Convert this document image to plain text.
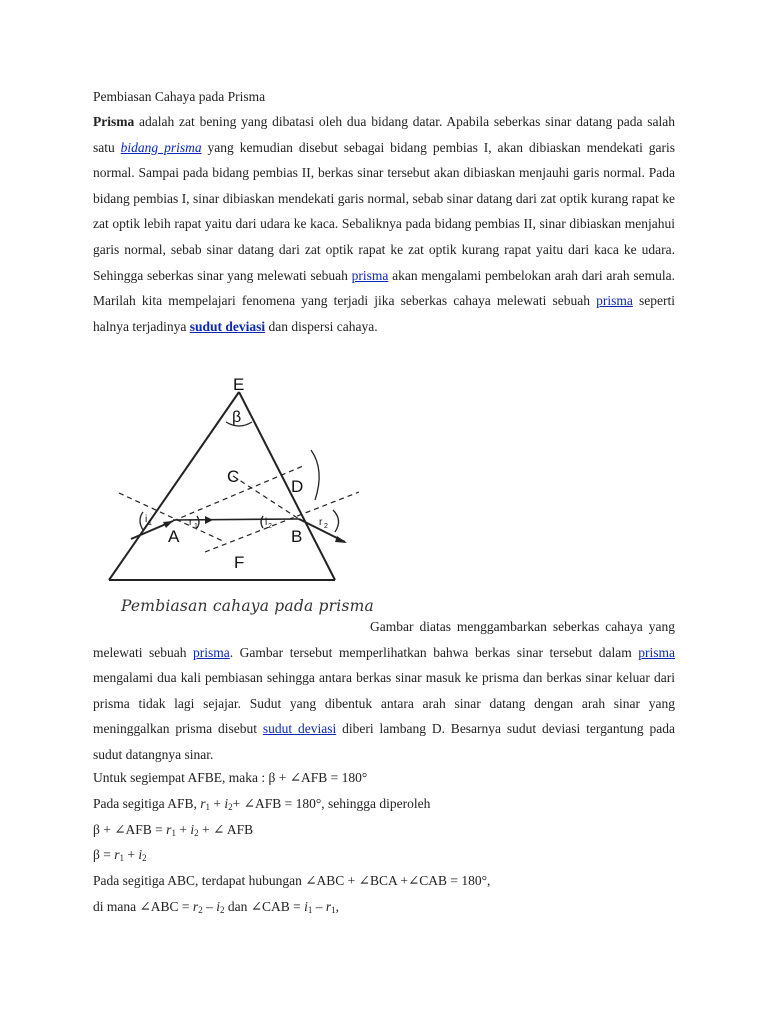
Pembiasan Cahaya pada Prisma

Prisma adalah zat bening yang dibatasi oleh dua bidang datar. Apabila seberkas sinar datang pada salah satu bidang prisma yang kemudian disebut sebagai bidang pembias I, akan dibiaskan mendekati garis normal. Sampai pada bidang pembias II, berkas sinar tersebut akan dibiaskan menjauhi garis normal. Pada bidang pembias I, sinar dibiaskan mendekati garis normal, sebab sinar datang dari zat optik kurang rapat ke zat optik lebih rapat yaitu dari udara ke kaca. Sebaliknya pada bidang pembias II, sinar dibiaskan menjahui garis normal, sebab sinar datang dari zat optik rapat ke zat optik kurang rapat yaitu dari kaca ke udara. Sehingga seberkas sinar yang melewati sebuah prisma akan mengalami pembelokan arah dari arah semula. Marilah kita mempelajari fenomena yang terjadi jika seberkas cahaya melewati sebuah prisma seperti halnya terjadinya sudut deviasi dan dispersi cahaya.

E
β
C
D
A	B
F
i 1	r 1	i 2	r 2
Pembiasan cahaya pada prisma

Gambar diatas menggambarkan seberkas cahaya yang melewati sebuah prisma. Gambar tersebut memperlihatkan bahwa berkas sinar tersebut dalam prisma mengalami dua kali pembiasan sehingga antara berkas sinar masuk ke prisma dan berkas sinar keluar dari prisma tidak lagi sejajar. Sudut yang dibentuk antara arah sinar datang dengan arah sinar yang meninggalkan prisma disebut sudut deviasi diberi lambang D. Besarnya sudut deviasi tergantung pada sudut datangnya sinar.

Untuk segiempat AFBE, maka : β + ∠AFB = 180°

Pada segitiga AFB, $r_1 + i_2+$ ∠AFB = 180°, sehingga diperoleh

β + ∠AFB = $r_1 + i_2$ + ∠ AFB

$\beta = r_1 + i_2$

Pada segitiga ABC, terdapat hubungan ∠ABC + ∠BCA +∠CAB = 180°,

di mana ∠ABC = $r_2 - i_2$ dan ∠CAB = $i_1 - r_1$,
